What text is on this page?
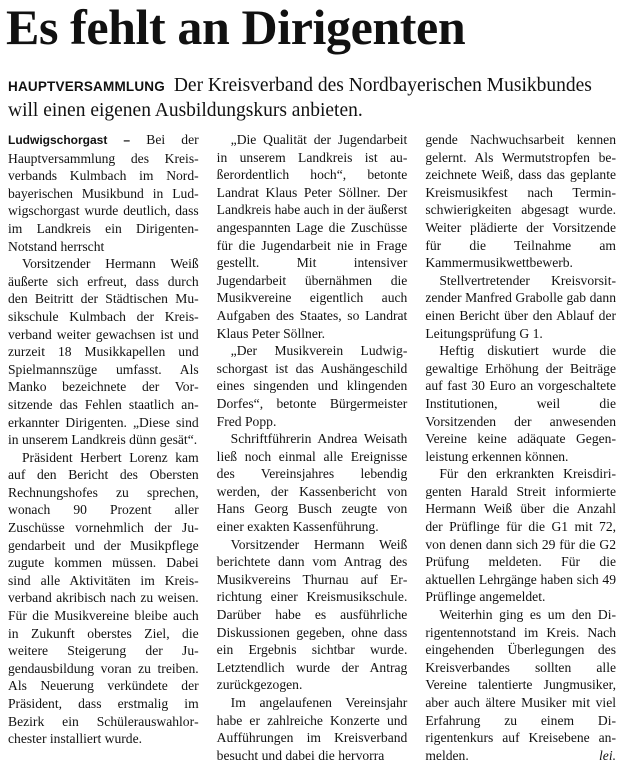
Es fehlt an Dirigenten

HAUPTVERSAMMLUNG Der Kreisverband des Nordbayerischen Musikbundes will einen eigenen Ausbildungskurs anbieten.

Ludwigschorgast – Bei der Hauptversammlung des Kreisverbands Kulmbach im Nordbayerischen Musikbund in Ludwigschorgast wurde deutlich, dass im Landkreis ein Dirigenten-Notstand herrscht

Vorsitzender Hermann Weiß äußerte sich erfreut, dass durch den Beitritt der Städtischen Musikschule Kulmbach der Kreisverband weiter gewachsen ist und zurzeit 18 Musikkapellen und Spielmannszüge umfasst. Als Manko bezeichnete der Vorsitzende das Fehlen staatlich anerkannter Dirigenten. „Diese sind in unserem Landkreis dünn gesät“.

Präsident Herbert Lorenz kam auf den Bericht des Obersten Rechnungshofes zu sprechen, wonach 90 Prozent aller Zuschüsse vornehmlich der Jugendarbeit und der Musikpflege zugute kommen müssen. Dabei sind alle Aktivitäten im Kreisverband akribisch nach zu weisen. Für die Musikvereine bleibe auch in Zukunft oberstes Ziel, die weitere Steigerung der Jugendausbildung voran zu treiben. Als Neuerung verkündete der Präsident, dass erstmalig im Bezirk ein Schülerauswahlorchester installiert wurde.

„Die Qualität der Jugendarbeit in unserem Landkreis ist außerordentlich hoch“, betonte Landrat Klaus Peter Söllner. Der Landkreis habe auch in der äußerst angespannten Lage die Zuschüsse für die Jugendarbeit nie in Frage gestellt. Mit intensiver Jugendarbeit übernähmen die Musikvereine eigentlich auch Aufgaben des Staates, so Landrat Klaus Peter Söllner.

„Der Musikverein Ludwigschorgast ist das Aushängeschild eines singenden und klingenden Dorfes“, betonte Bürgermeister Fred Popp.

Schriftführerin Andrea Weisath ließ noch einmal alle Ereignisse des Vereinsjahres lebendig werden, der Kassenbericht von Hans Georg Busch zeugte von einer exakten Kassenführung.

Vorsitzender Hermann Weiß berichtete dann vom Antrag des Musikvereins Thurnau auf Errichtung einer Kreismusikschule. Darüber habe es ausführliche Diskussionen gegeben, ohne dass ein Ergebnis sichtbar wurde. Letztendlich wurde der Antrag zurückgezogen.

Im angelaufenen Vereinsjahr habe er zahlreiche Konzerte und Aufführungen im Kreisverband besucht und dabei die hervorra

gende Nachwuchsarbeit kennen gelernt. Als Wermutstropfen bezeichnete Weiß, dass das geplante Kreismusikfest nach Terminschwierigkeiten abgesagt wurde. Weiter plädierte der Vorsitzende für die Teilnahme am Kammermusikwettbewerb.

Stellvertretender Kreisvorsitzender Manfred Grabolle gab dann einen Bericht über den Ablauf der Leitungsprüfung G 1.

Heftig diskutiert wurde die gewaltige Erhöhung der Beiträge auf fast 30 Euro an vorgeschaltete Institutionen, weil die Vorsitzenden der anwesenden Vereine keine adäquate Gegenleistung erkennen können.

Für den erkrankten Kreisdirigenten Harald Streit informierte Hermann Weiß über die Anzahl der Prüflinge für die G1 mit 72, von denen dann sich 29 für die G2 Prüfung meldeten. Für die aktuellen Lehrgänge haben sich 49 Prüflinge angemeldet.

Weiterhin ging es um den Dirigentennotstand im Kreis. Nach eingehenden Überlegungen des Kreisverbandes sollten alle Vereine talentierte Jungmusiker, aber auch ältere Musiker mit viel Erfahrung zu einem Dirigentenkurs auf Kreisebene anmelden.	lei.
